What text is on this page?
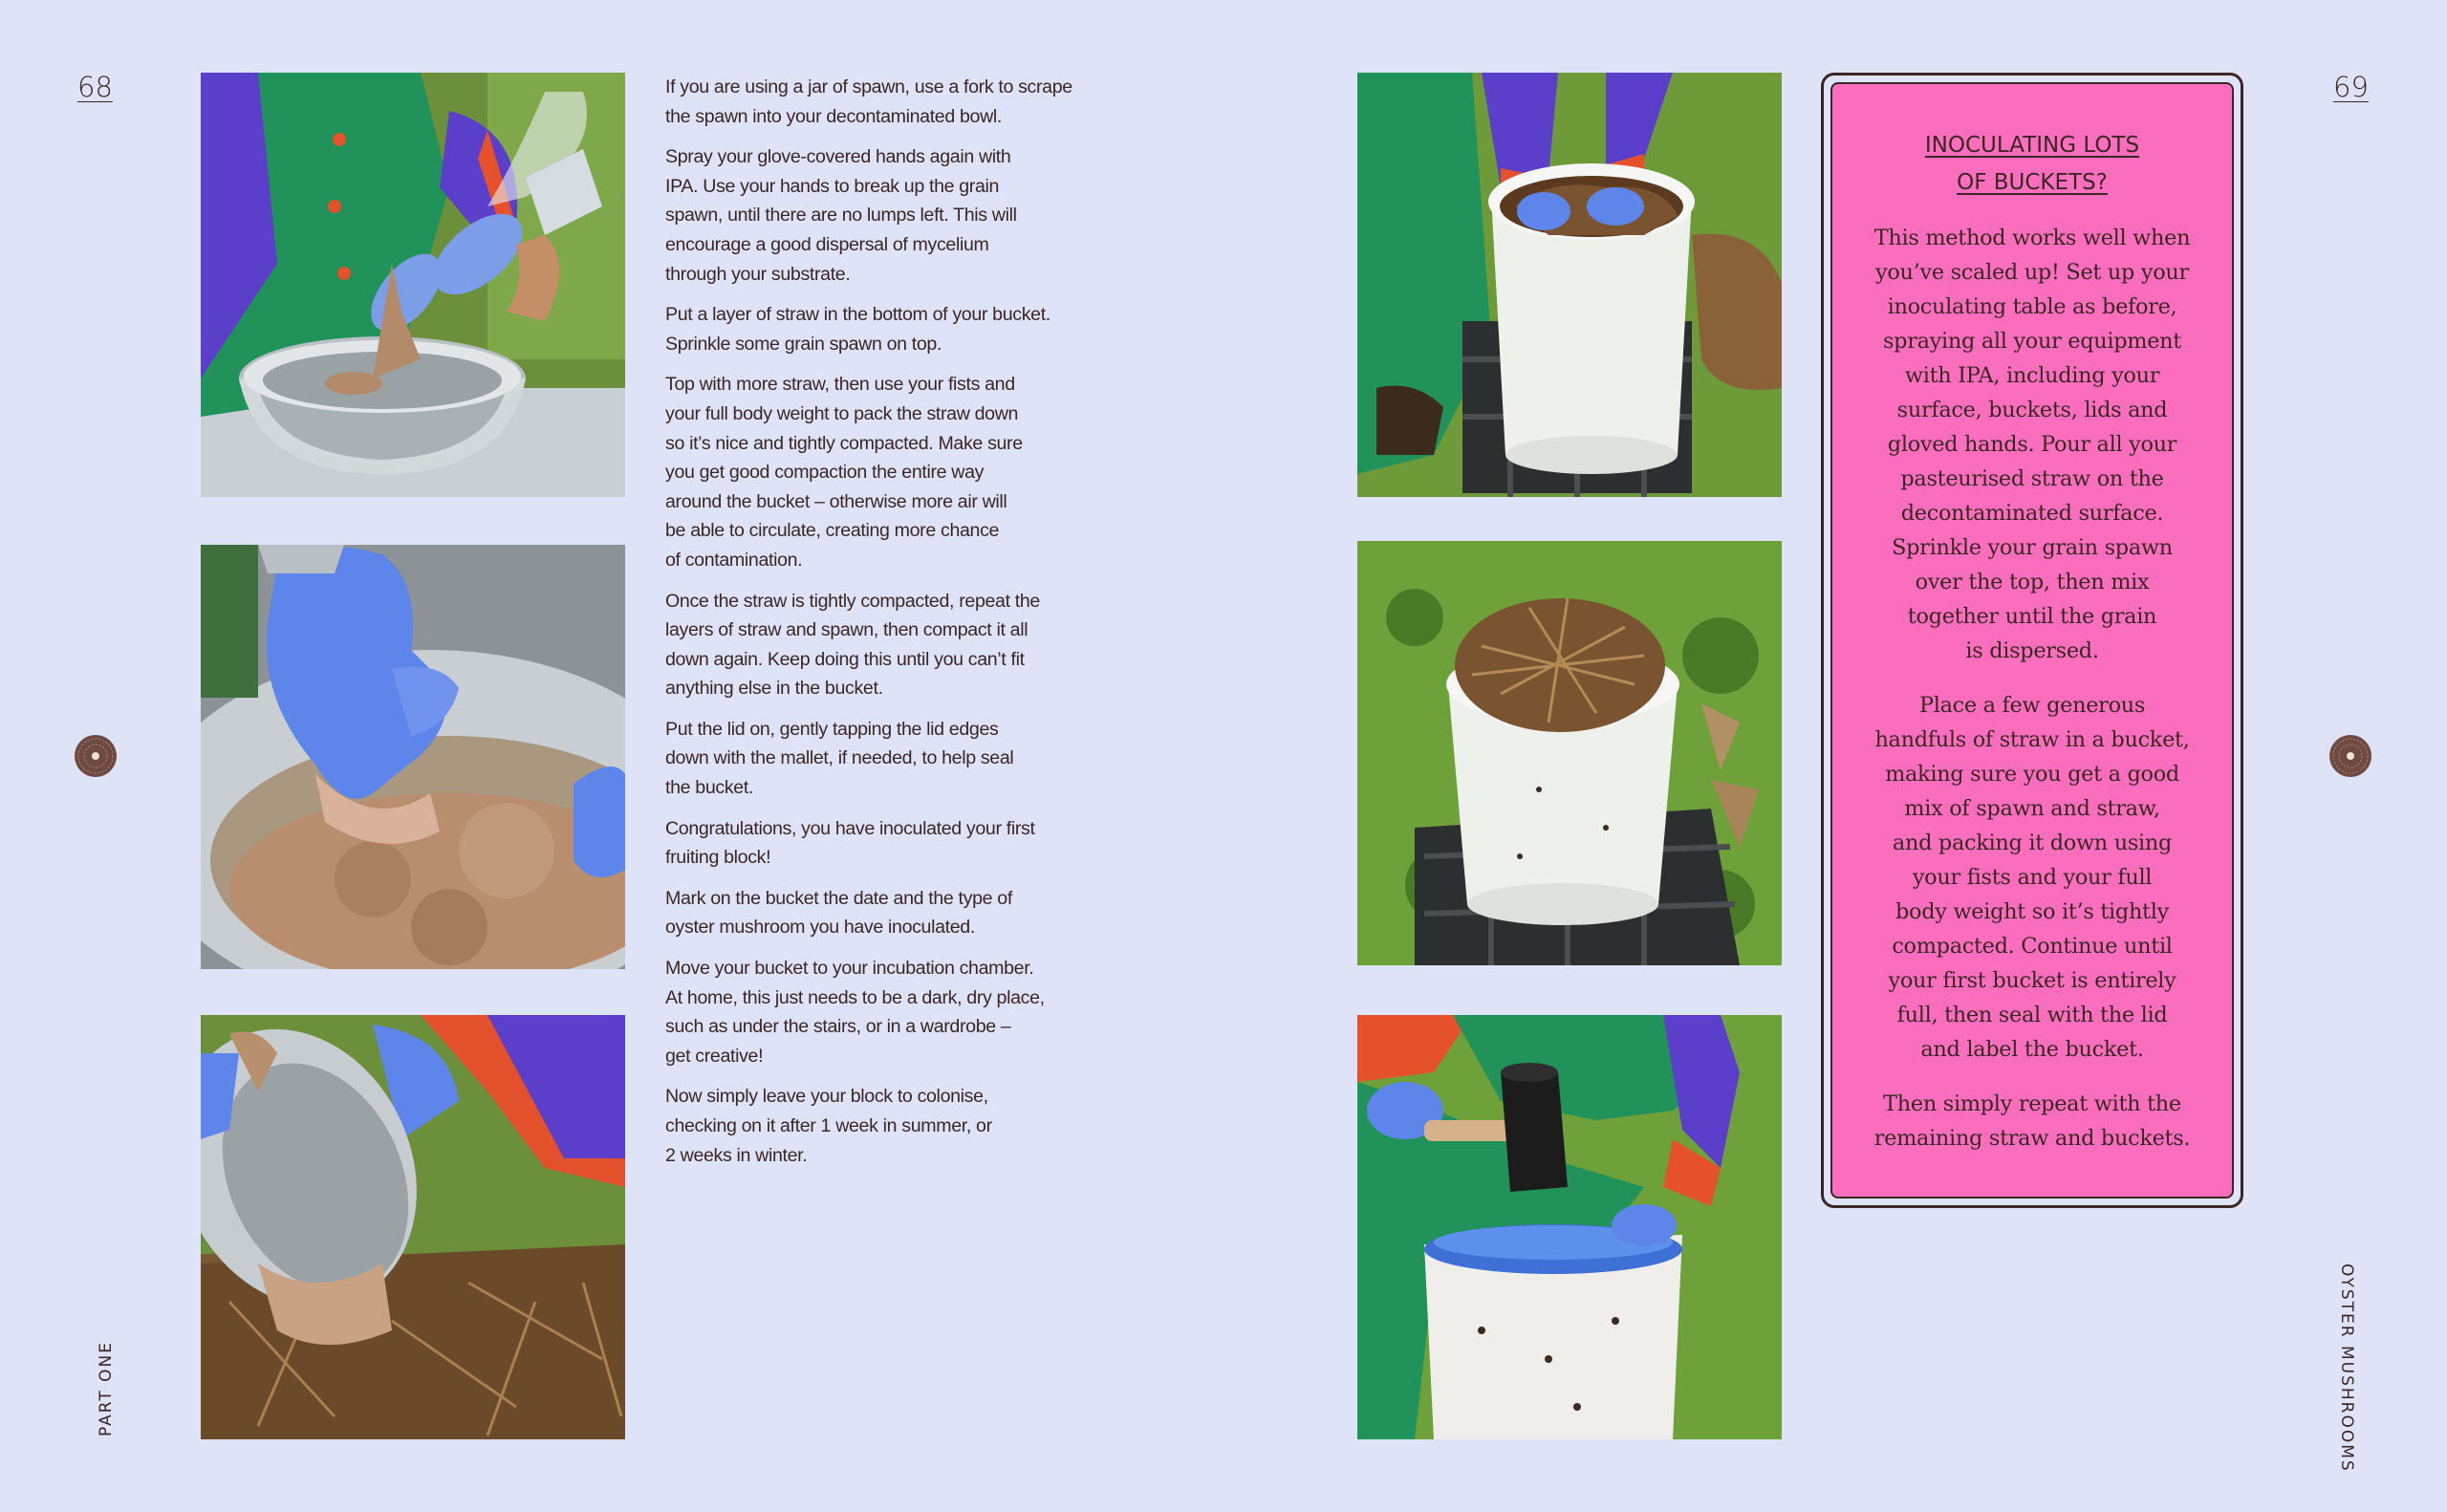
68	69
PART ONE	OYSTER MUSHROOMS

If you are using a jar of spawn, use a fork to scrape
the spawn into your decontaminated bowl.

Spray your glove-covered hands again with
IPA. Use your hands to break up the grain
spawn, until there are no lumps left. This will
encourage a good dispersal of mycelium
through your substrate.

Put a layer of straw in the bottom of your bucket.
Sprinkle some grain spawn on top.

Top with more straw, then use your fists and
your full body weight to pack the straw down
so it’s nice and tightly compacted. Make sure
you get good compaction the entire way
around the bucket – otherwise more air will
be able to circulate, creating more chance
of contamination.

Once the straw is tightly compacted, repeat the
layers of straw and spawn, then compact it all
down again. Keep doing this until you can’t fit
anything else in the bucket.

Put the lid on, gently tapping the lid edges
down with the mallet, if needed, to help seal
the bucket.

Congratulations, you have inoculated your first
fruiting block!

Mark on the bucket the date and the type of
oyster mushroom you have inoculated.

Move your bucket to your incubation chamber.
At home, this just needs to be a dark, dry place,
such as under the stairs, or in a wardrobe –
get creative!

Now simply leave your block to colonise,
checking on it after 1 week in summer, or
2 weeks in winter.

INOCULATING LOTS
OF BUCKETS?

This method works well when
you’ve scaled up! Set up your
inoculating table as before,
spraying all your equipment
with IPA, including your
surface, buckets, lids and
gloved hands. Pour all your
pasteurised straw on the
decontaminated surface.
Sprinkle your grain spawn
over the top, then mix
together until the grain
is dispersed.

Place a few generous
handfuls of straw in a bucket,
making sure you get a good
mix of spawn and straw,
and packing it down using
your fists and your full
body weight so it’s tightly
compacted. Continue until
your first bucket is entirely
full, then seal with the lid
and label the bucket.

Then simply repeat with the
remaining straw and buckets.
